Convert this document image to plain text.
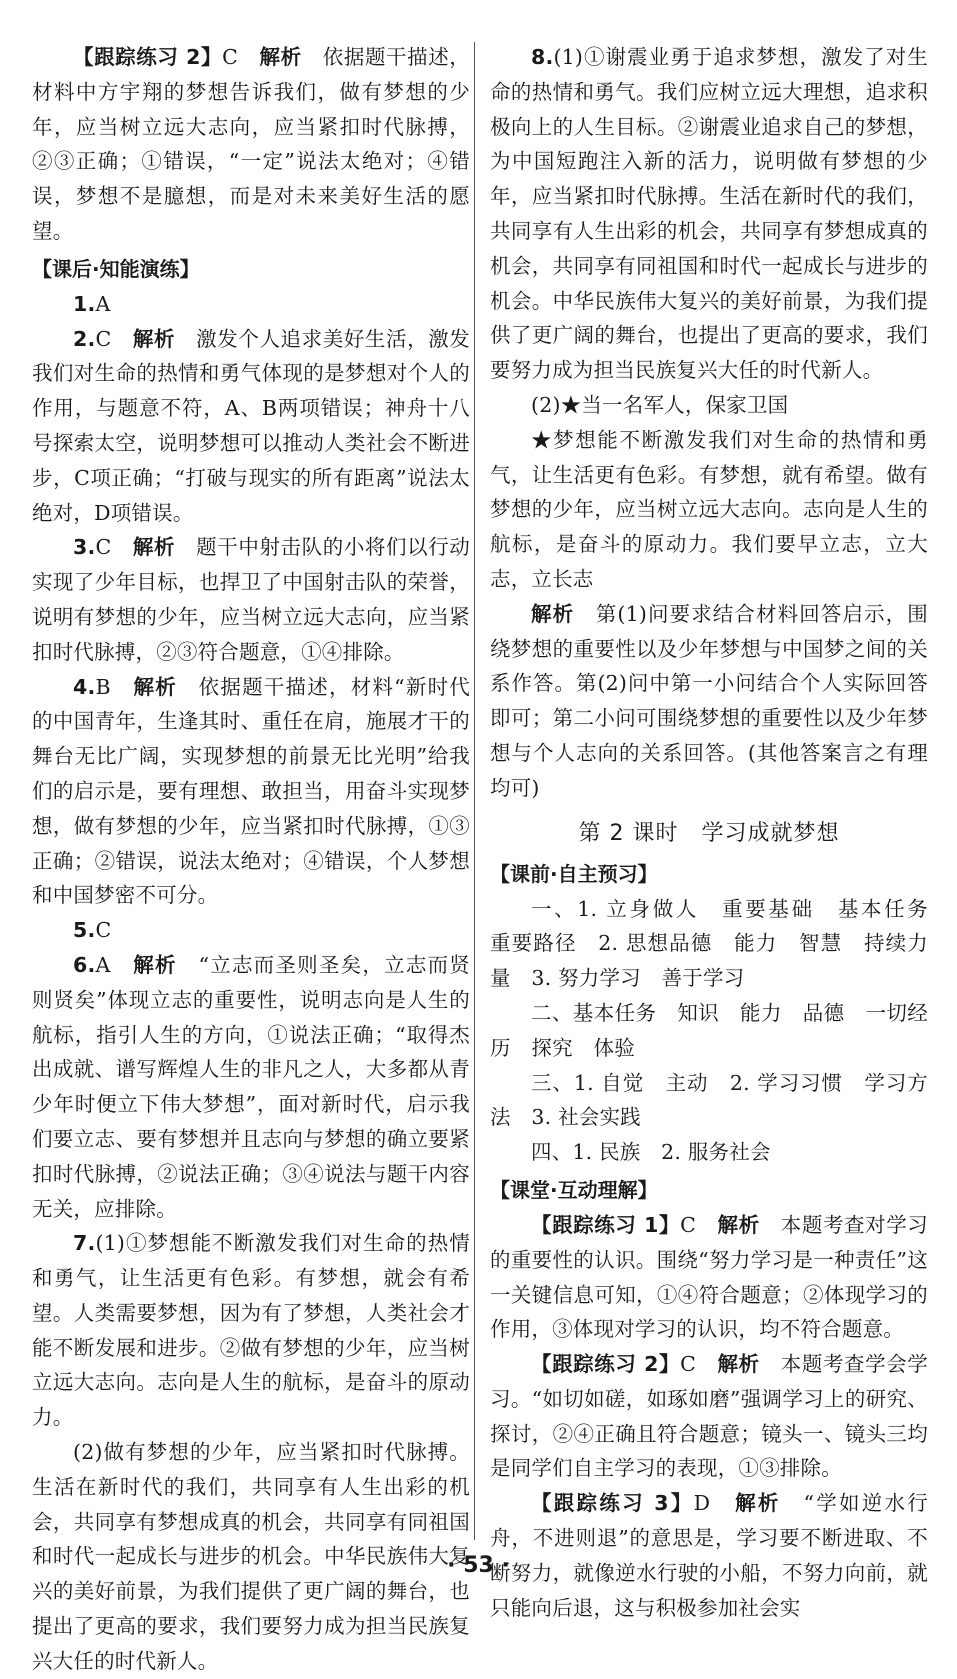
【跟踪练习 2】C　 解析　 依据题干描述，材料中方宇翔的梦想告诉我们，做有梦想的少年，应当树立远大志向，应当紧扣时代脉搏，②③正确；①错误，“一定”说法太绝对；④错误，梦想不是臆想，而是对未来美好生活的愿望。

【课后·知能演练】

1.A

2.C　 解析　 激发个人追求美好生活，激发我们对生命的热情和勇气体现的是梦想对个人的作用，与题意不符，A、B两项错误；神舟十八号探索太空，说明梦想可以推动人类社会不断进步，C项正确；“打破与现实的所有距离”说法太绝对，D项错误。

3.C　 解析　 题干中射击队的小将们以行动实现了少年目标，也捍卫了中国射击队的荣誉，说明有梦想的少年，应当树立远大志向，应当紧扣时代脉搏，②③符合题意，①④排除。

4.B　 解析　 依据题干描述，材料“新时代的中国青年，生逢其时、重任在肩，施展才干的舞台无比广阔，实现梦想的前景无比光明”给我们的启示是，要有理想、敢担当，用奋斗实现梦想，做有梦想的少年，应当紧扣时代脉搏，①③正确；②错误，说法太绝对；④错误，个人梦想和中国梦密不可分。

5.C

6.A　 解析　 “立志而圣则圣矣，立志而贤则贤矣”体现立志的重要性，说明志向是人生的航标，指引人生的方向，①说法正确；“取得杰出成就、谱写辉煌人生的非凡之人，大多都从青少年时便立下伟大梦想”，面对新时代，启示我们要立志、要有梦想并且志向与梦想的确立要紧扣时代脉搏，②说法正确；③④说法与题干内容无关，应排除。

7.(1)①梦想能不断激发我们对生命的热情和勇气，让生活更有色彩。有梦想，就会有希望。人类需要梦想，因为有了梦想，人类社会才能不断发展和进步。②做有梦想的少年，应当树立远大志向。志向是人生的航标，是奋斗的原动力。

(2)做有梦想的少年，应当紧扣时代脉搏。生活在新时代的我们，共同享有人生出彩的机会，共同享有梦想成真的机会，共同享有同祖国和时代一起成长与进步的机会。中华民族伟大复兴的美好前景，为我们提供了更广阔的舞台，也提出了更高的要求，我们要努力成为担当民族复兴大任的时代新人。

8.(1)①谢震业勇于追求梦想，激发了对生命的热情和勇气。我们应树立远大理想，追求积极向上的人生目标。②谢震业追求自己的梦想，为中国短跑注入新的活力，说明做有梦想的少年，应当紧扣时代脉搏。生活在新时代的我们，共同享有人生出彩的机会，共同享有梦想成真的机会，共同享有同祖国和时代一起成长与进步的机会。中华民族伟大复兴的美好前景，为我们提供了更广阔的舞台，也提出了更高的要求，我们要努力成为担当民族复兴大任的时代新人。

(2)★当一名军人，保家卫国

★梦想能不断激发我们对生命的热情和勇气，让生活更有色彩。有梦想，就有希望。做有梦想的少年，应当树立远大志向。志向是人生的航标，是奋斗的原动力。我们要早立志，立大志，立长志

解析　 第(1)问要求结合材料回答启示，围绕梦想的重要性以及少年梦想与中国梦之间的关系作答。第(2)问中第一小问结合个人实际回答即可；第二小问可围绕梦想的重要性以及少年梦想与个人志向的关系回答。(其他答案言之有理均可)

第 2 课时　学习成就梦想

【课前·自主预习】

一、1. 立身做人　重要基础　基本任务　重要路径　2. 思想品德　能力　智慧　持续力量　3. 努力学习　善于学习

二、基本任务　知识　能力　品德　一切经历　探究　体验

三、1. 自觉　主动　2. 学习习惯　学习方法　3. 社会实践

四、1. 民族　2. 服务社会

【课堂·互动理解】

【跟踪练习 1】C　 解析　 本题考查对学习的重要性的认识。围绕“努力学习是一种责任”这一关键信息可知，①④符合题意；②体现学习的作用，③体现对学习的认识，均不符合题意。

【跟踪练习 2】C　 解析　 本题考查学会学习。“如切如磋，如琢如磨”强调学习上的研究、探讨，②④正确且符合题意；镜头一、镜头三均是同学们自主学习的表现，①③排除。

【跟踪练习 3】D　 解析　 “学如逆水行舟，不进则退”的意思是，学习要不断进取、不断努力，就像逆水行驶的小船，不努力向前，就只能向后退，这与积极参加社会实

· 53 ·
